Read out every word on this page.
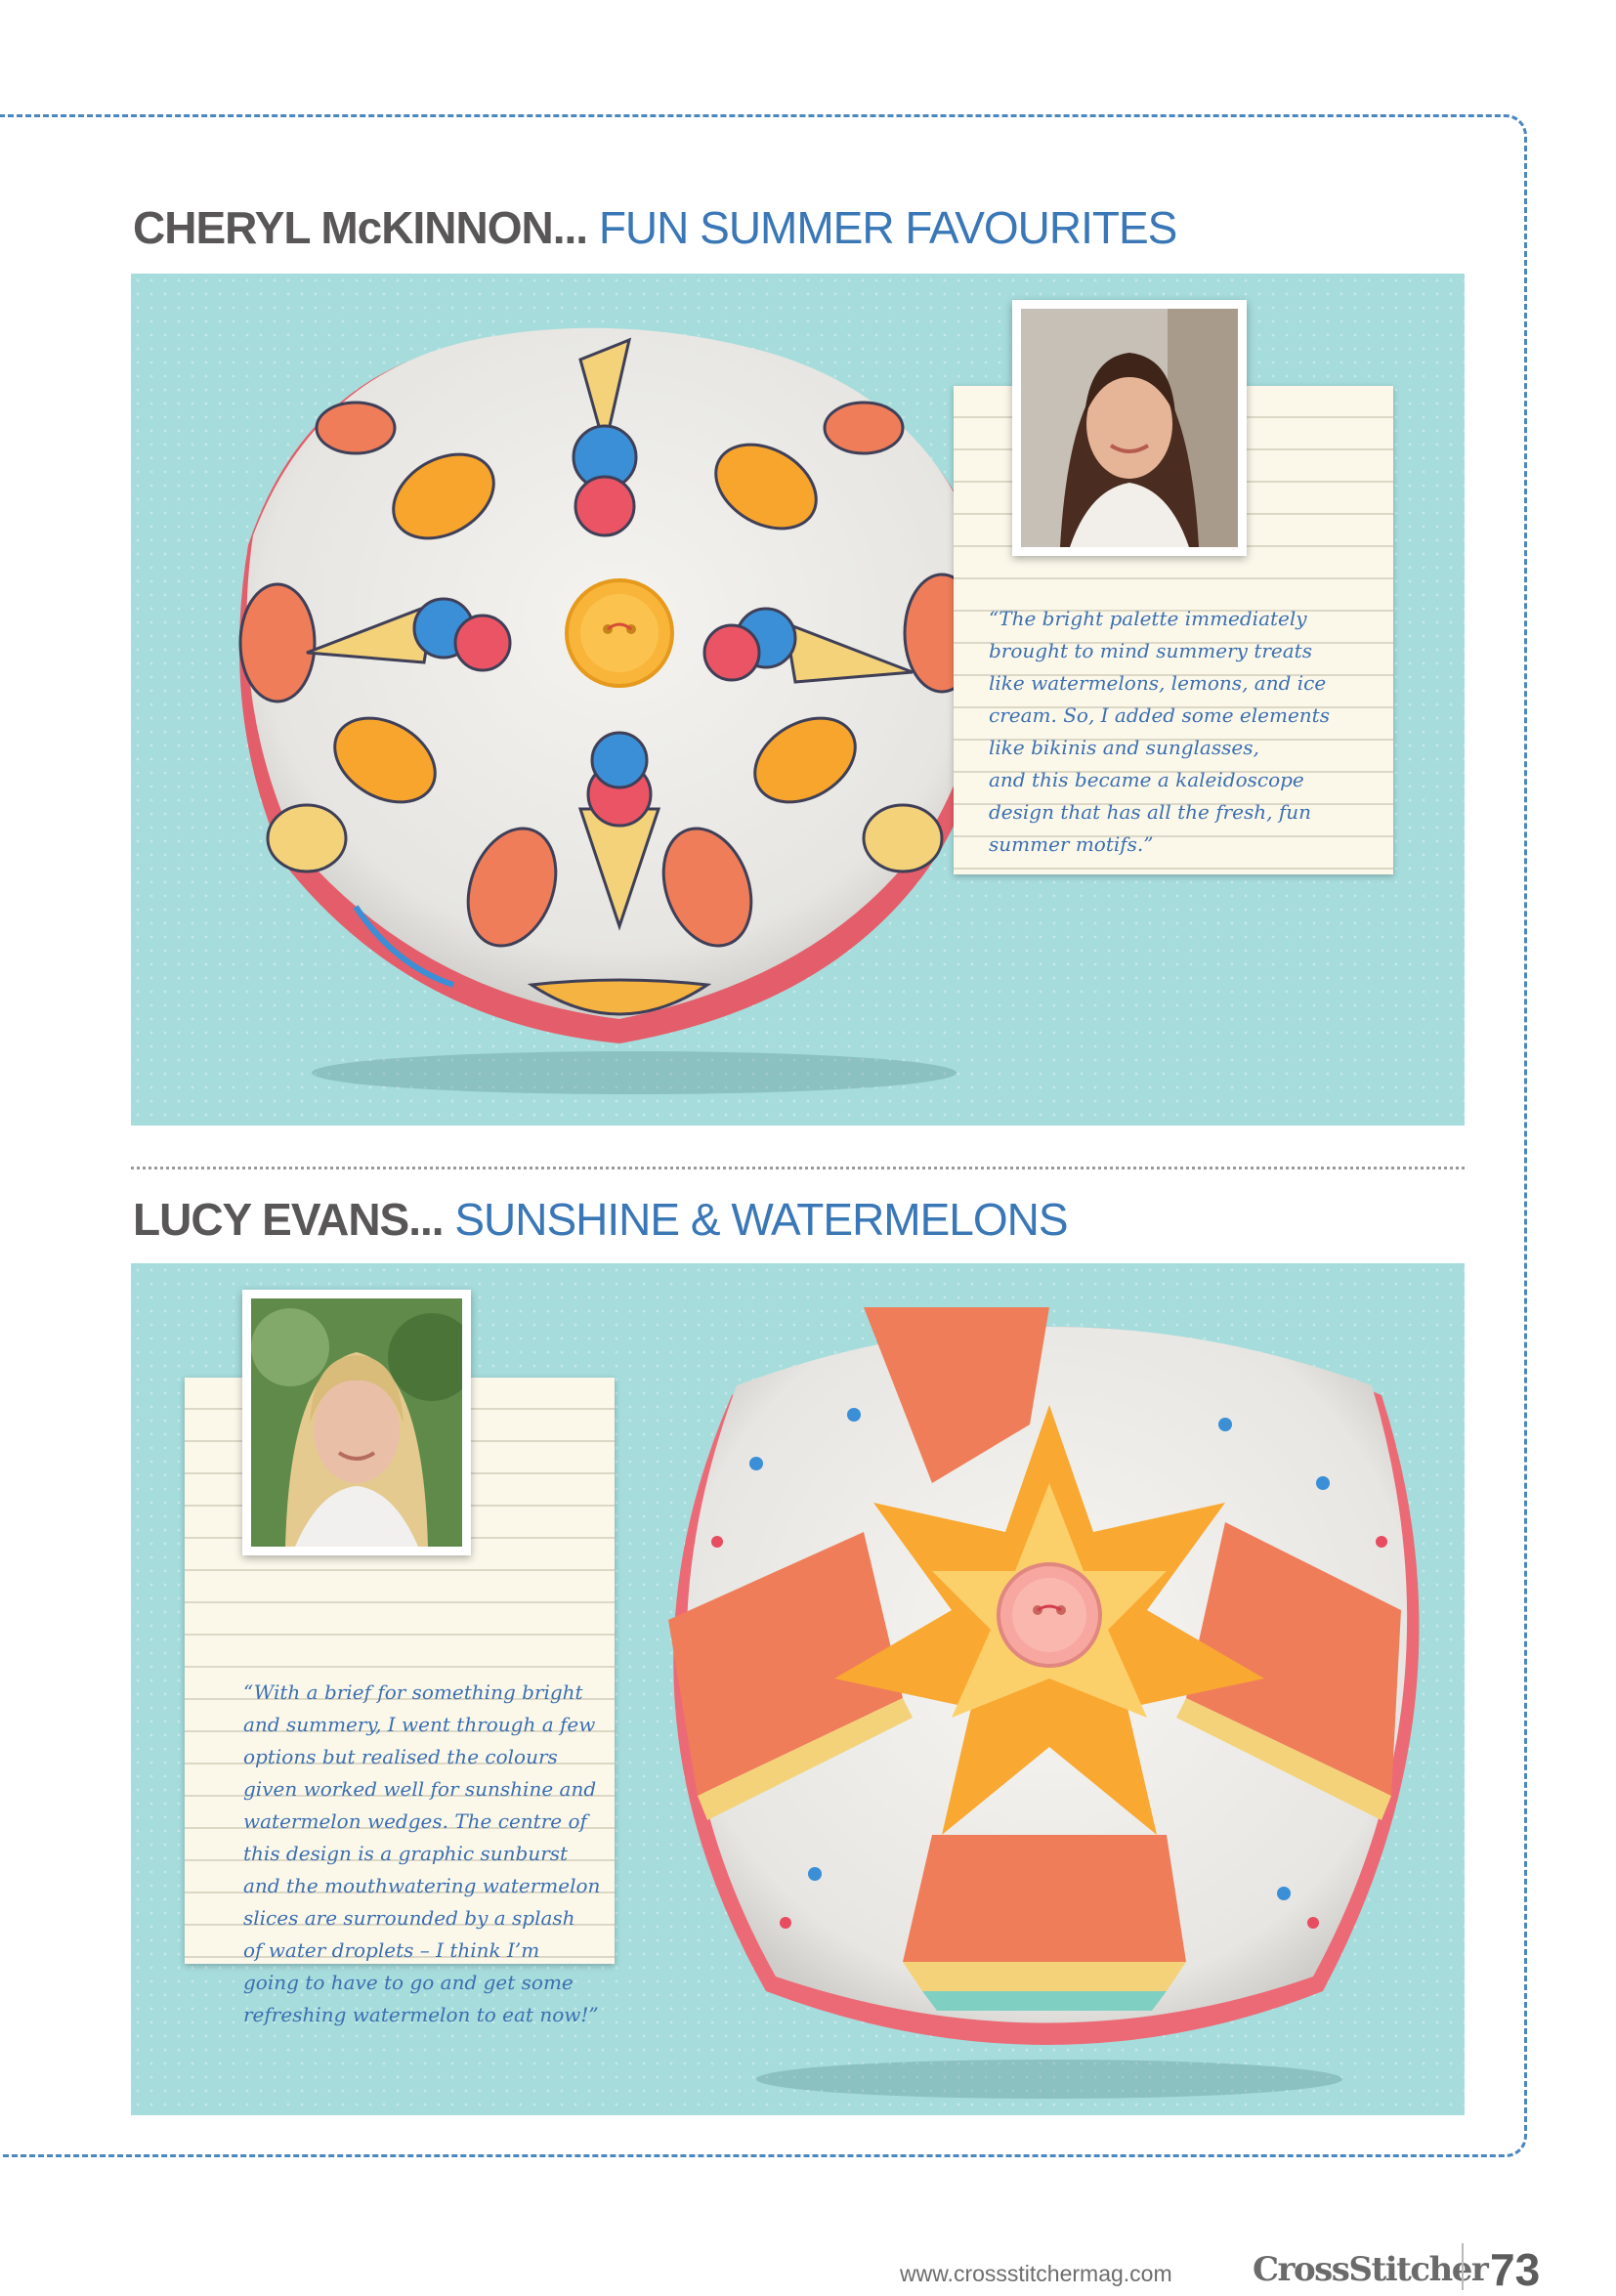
CHERYL McKINNON... FUN SUMMER FAVOURITES

“The bright palette immediately
brought to mind summery treats
like watermelons, lemons, and ice
cream. So, I added some elements
like bikinis and sunglasses,
and this became a kaleidoscope
design that has all the fresh, fun
summer motifs.”

LUCY EVANS... SUNSHINE & WATERMELONS

“With a brief for something bright
and summery, I went through a few
options but realised the colours
given worked well for sunshine and
watermelon wedges. The centre of
this design is a graphic sunburst
and the mouthwatering watermelon
slices are surrounded by a splash
of water droplets – I think I’m
going to have to go and get some
refreshing watermelon to eat now!”

www.crossstitchermag.com CrossStitcher 73
